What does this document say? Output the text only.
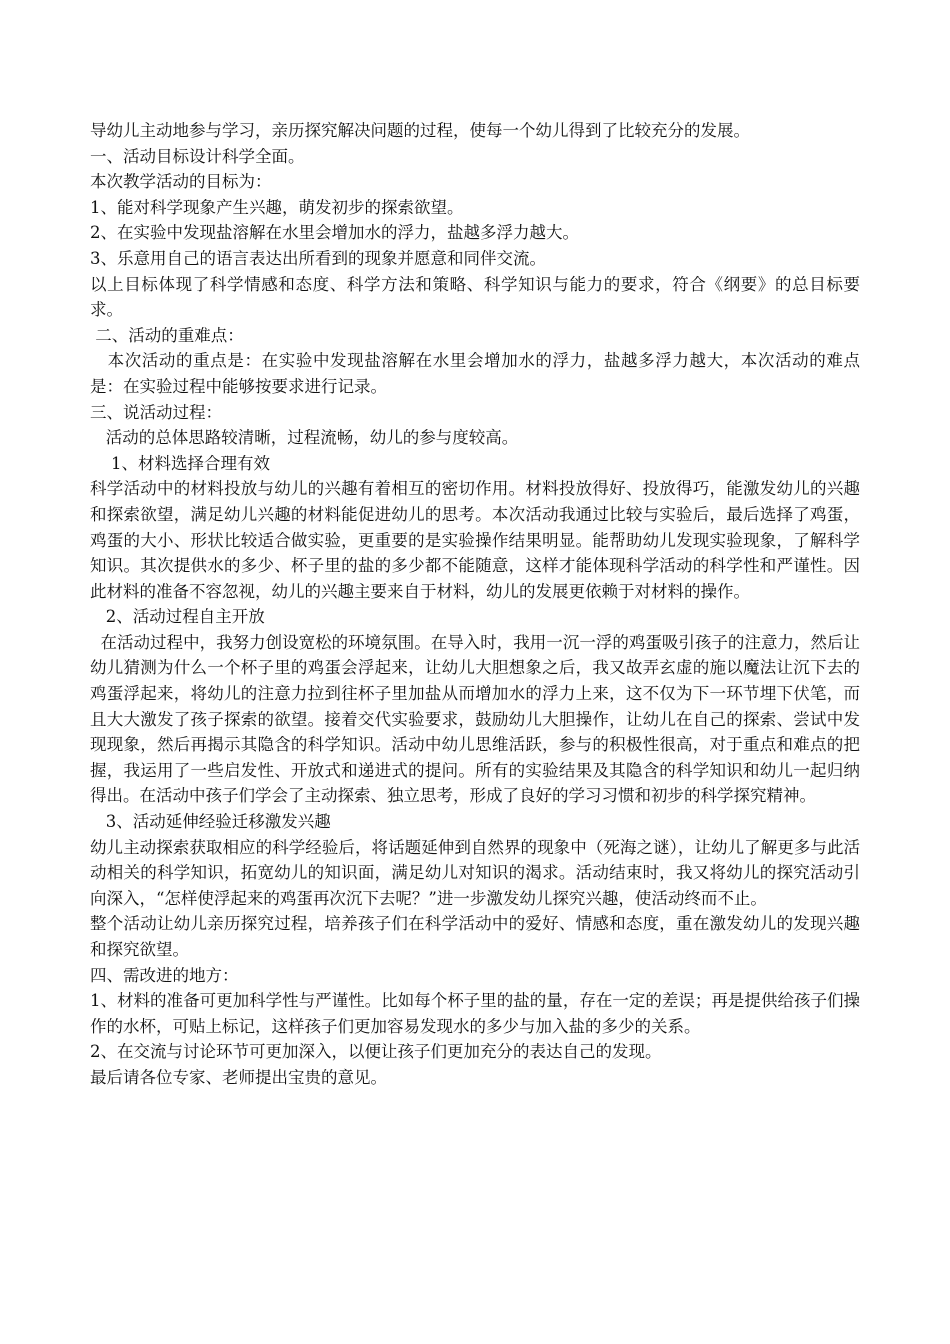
导幼儿主动地参与学习，亲历探究解决问题的过程，使每一个幼儿得到了比较充分的发展。

一、活动目标设计科学全面。

本次教学活动的目标为：

1、能对科学现象产生兴趣，萌发初步的探索欲望。

2、在实验中发现盐溶解在水里会增加水的浮力，盐越多浮力越大。

3、乐意用自己的语言表达出所看到的现象并愿意和同伴交流。

以上目标体现了科学情感和态度、科学方法和策略、科学知识与能力的要求，符合《纲要》的总目标要求。

二、活动的重难点：

本次活动的重点是：在实验中发现盐溶解在水里会增加水的浮力，盐越多浮力越大，本次活动的难点是：在实验过程中能够按要求进行记录。

三、说活动过程：

活动的总体思路较清晰，过程流畅，幼儿的参与度较高。

1、材料选择合理有效

科学活动中的材料投放与幼儿的兴趣有着相互的密切作用。材料投放得好、投放得巧，能激发幼儿的兴趣和探索欲望，满足幼儿兴趣的材料能促进幼儿的思考。本次活动我通过比较与实验后，最后选择了鸡蛋，鸡蛋的大小、形状比较适合做实验，更重要的是实验操作结果明显。能帮助幼儿发现实验现象，了解科学知识。其次提供水的多少、杯子里的盐的多少都不能随意，这样才能体现科学活动的科学性和严谨性。因此材料的准备不容忽视，幼儿的兴趣主要来自于材料，幼儿的发展更依赖于对材料的操作。

2、活动过程自主开放

在活动过程中，我努力创设宽松的环境氛围。在导入时，我用一沉一浮的鸡蛋吸引孩子的注意力，然后让幼儿猜测为什么一个杯子里的鸡蛋会浮起来，让幼儿大胆想象之后，我又故弄玄虚的施以魔法让沉下去的鸡蛋浮起来，将幼儿的注意力拉到往杯子里加盐从而增加水的浮力上来，这不仅为下一环节埋下伏笔，而且大大激发了孩子探索的欲望。接着交代实验要求，鼓励幼儿大胆操作，让幼儿在自己的探索、尝试中发现现象，然后再揭示其隐含的科学知识。活动中幼儿思维活跃，参与的积极性很高，对于重点和难点的把握，我运用了一些启发性、开放式和递进式的提问。所有的实验结果及其隐含的科学知识和幼儿一起归纳得出。在活动中孩子们学会了主动探索、独立思考，形成了良好的学习习惯和初步的科学探究精神。

3、活动延伸经验迁移激发兴趣

幼儿主动探索获取相应的科学经验后，将话题延伸到自然界的现象中（死海之谜），让幼儿了解更多与此活动相关的科学知识，拓宽幼儿的知识面，满足幼儿对知识的渴求。活动结束时，我又将幼儿的探究活动引向深入，“怎样使浮起来的鸡蛋再次沉下去呢？”进一步激发幼儿探究兴趣，使活动终而不止。

整个活动让幼儿亲历探究过程，培养孩子们在科学活动中的爱好、情感和态度，重在激发幼儿的发现兴趣和探究欲望。

四、需改进的地方：

1、材料的准备可更加科学性与严谨性。比如每个杯子里的盐的量，存在一定的差误；再是提供给孩子们操作的水杯，可贴上标记，这样孩子们更加容易发现水的多少与加入盐的多少的关系。

2、在交流与讨论环节可更加深入，以便让孩子们更加充分的表达自己的发现。

最后请各位专家、老师提出宝贵的意见。
